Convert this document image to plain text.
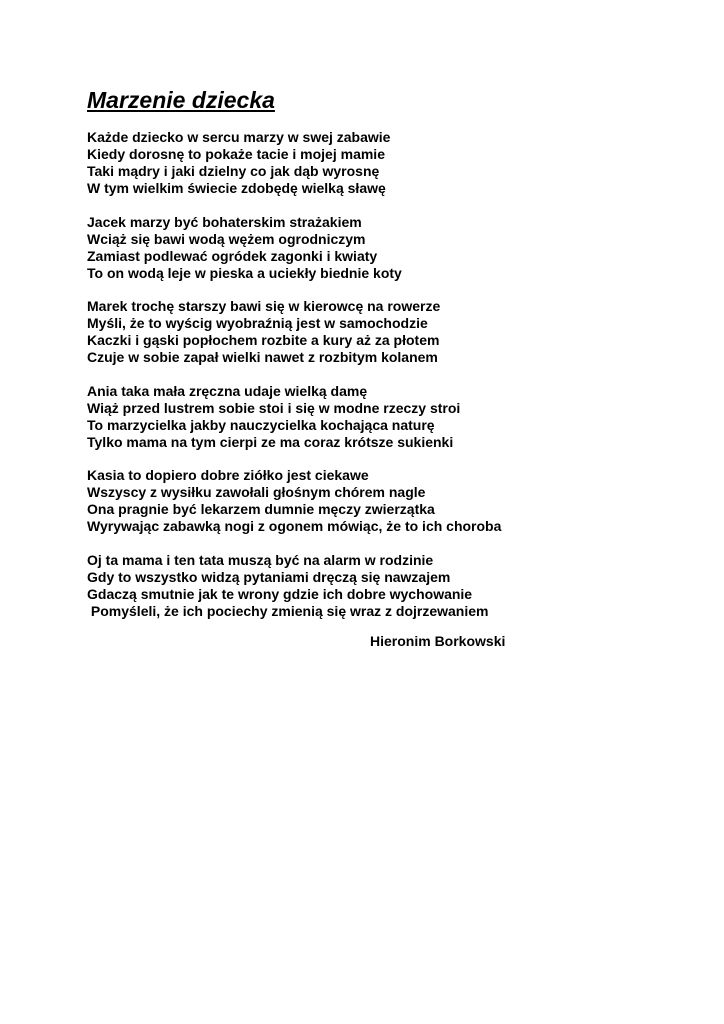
Marzenie dziecka
Każde dziecko w sercu marzy w swej zabawie
Kiedy dorosnę to pokaże tacie i mojej mamie
Taki mądry i jaki dzielny co jak dąb wyrosnę
W tym wielkim świecie zdobędę wielką sławę
Jacek marzy być bohaterskim strażakiem
Wciąż się bawi wodą wężem ogrodniczym
Zamiast podlewać ogródek zagonki i kwiaty
To on wodą leje w pieska a uciekły biednie koty
Marek trochę starszy bawi się w kierowcę na rowerze
Myśli, że to wyścig wyobraźnią jest w samochodzie
Kaczki i gąski popłochem rozbite a kury aż za płotem
Czuje w sobie zapał wielki nawet z rozbitym kolanem
Ania taka mała zręczna udaje wielką damę
Wiąż przed lustrem sobie stoi i się w modne rzeczy stroi
To marzycielka jakby nauczycielka kochająca naturę
Tylko mama na tym cierpi ze ma coraz krótsze sukienki
Kasia to dopiero dobre ziółko jest ciekawe
Wszyscy z wysiłku zawołali głośnym chórem nagle
Ona pragnie być lekarzem dumnie męczy zwierzątka
Wyrywając zabawką nogi z ogonem mówiąc, że to ich choroba
Oj ta mama i ten tata muszą być na alarm w rodzinie
Gdy to wszystko widzą pytaniami dręczą się nawzajem
Gdaczą smutnie jak te wrony gdzie ich dobre wychowanie
Pomyśleli, że ich pociechy zmienią się wraz z dojrzewaniem
Hieronim Borkowski
